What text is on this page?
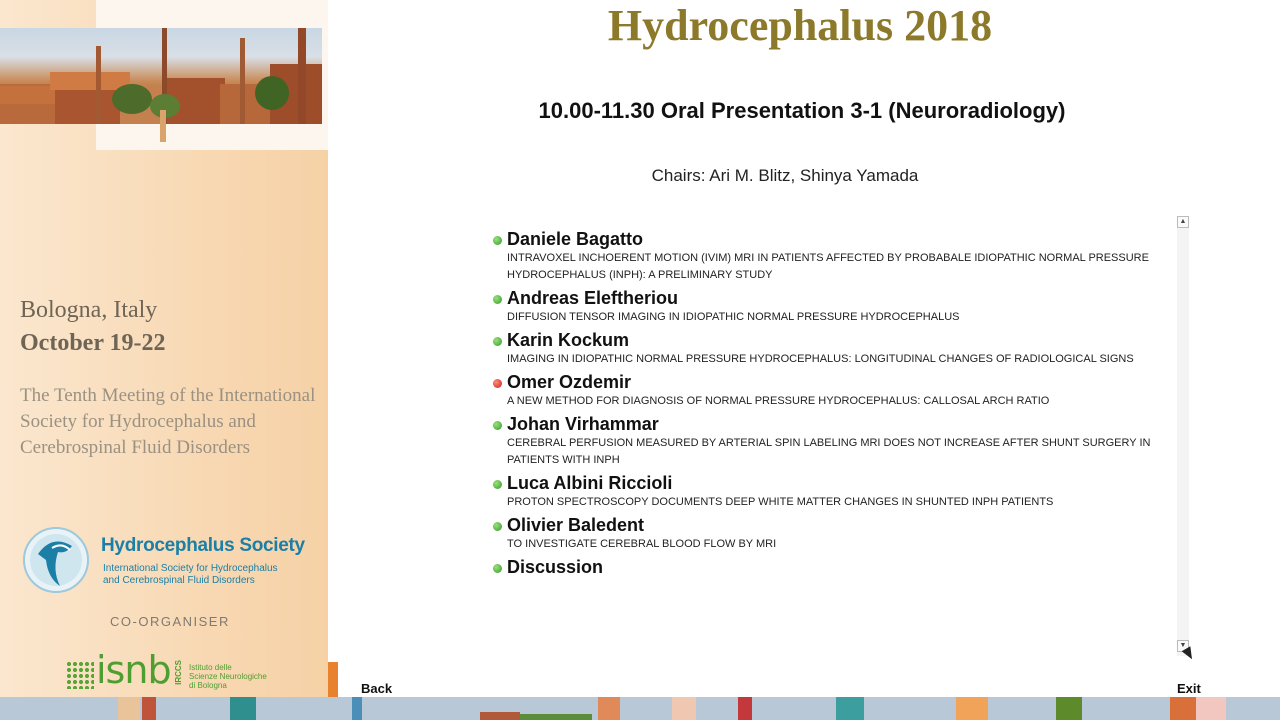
Bologna, Italy
October 19-22
The Tenth Meeting of the International Society for Hydrocephalus and Cerebrospinal Fluid Disorders
Hydrocephalus Society
International Society for Hydrocephalus
and Cerebrospinal Fluid Disorders
CO-ORGANISER
isnb IRCCS Istituto delle
Scienze Neurologiche
di Bologna
Hydrocephalus 2018
10.00-11.30 Oral Presentation 3-1 (Neuroradiology)
Chairs: Ari M. Blitz, Shinya Yamada
Daniele Bagatto
INTRAVOXEL INCHOERENT MOTION (IVIM) MRI IN PATIENTS AFFECTED BY PROBABALE IDIOPATHIC NORMAL PRESSURE HYDROCEPHALUS (INPH): A PRELIMINARY STUDY
Andreas Eleftheriou
DIFFUSION TENSOR IMAGING IN IDIOPATHIC NORMAL PRESSURE HYDROCEPHALUS
Karin Kockum
IMAGING IN IDIOPATHIC NORMAL PRESSURE HYDROCEPHALUS: LONGITUDINAL CHANGES OF RADIOLOGICAL SIGNS
Omer Ozdemir
A NEW METHOD FOR DIAGNOSIS OF NORMAL PRESSURE HYDROCEPHALUS: CALLOSAL ARCH RATIO
Johan Virhammar
CEREBRAL PERFUSION MEASURED BY ARTERIAL SPIN LABELING MRI DOES NOT INCREASE AFTER SHUNT SURGERY IN PATIENTS WITH INPH
Luca Albini Riccioli
PROTON SPECTROSCOPY DOCUMENTS DEEP WHITE MATTER CHANGES IN SHUNTED INPH PATIENTS
Olivier Baledent
TO INVESTIGATE CEREBRAL BLOOD FLOW BY MRI
Discussion
▲
▼
Back	Exit
